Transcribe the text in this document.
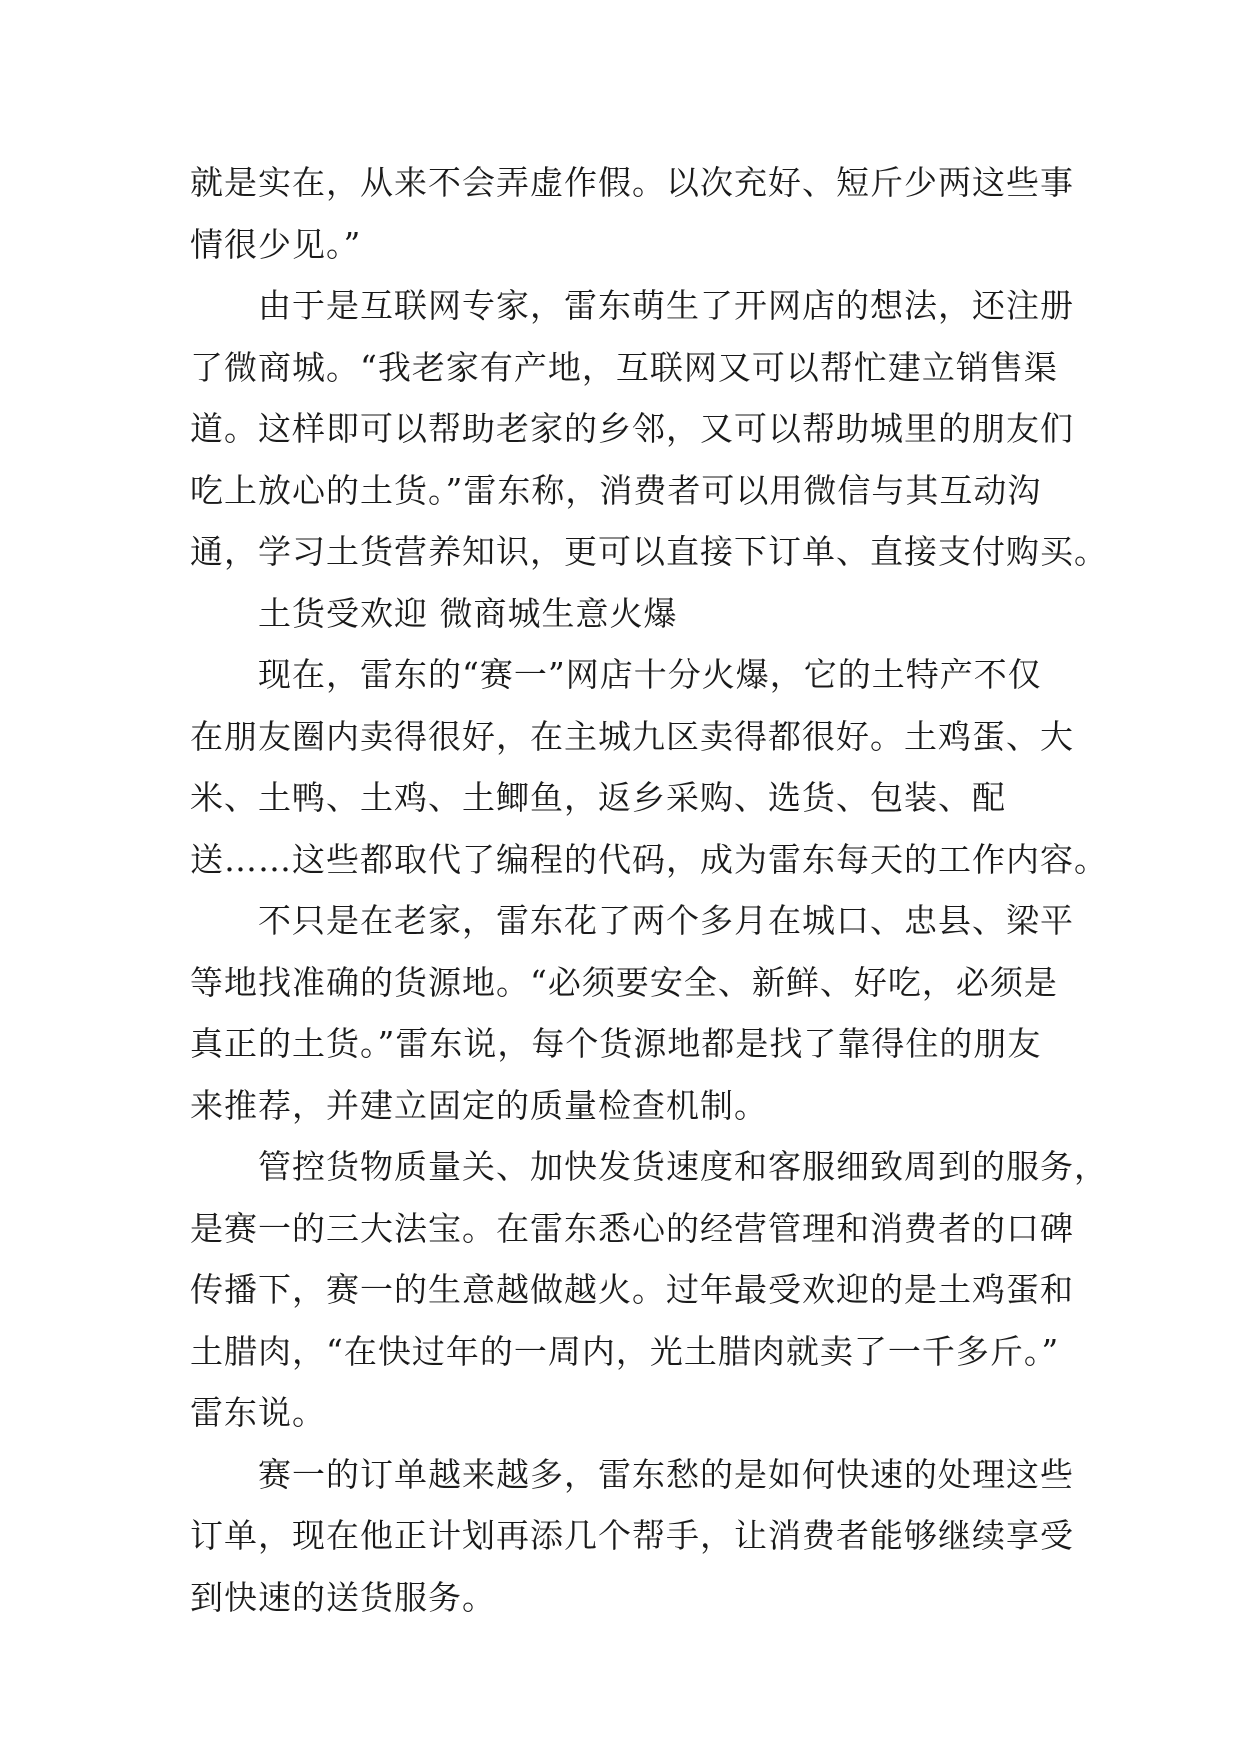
就是实在，从来不会弄虚作假。以次充好、短斤少两这些事
情很少见。”
　　由于是互联网专家，雷东萌生了开网店的想法，还注册
了微商城。“我老家有产地，互联网又可以帮忙建立销售渠
道。这样即可以帮助老家的乡邻，又可以帮助城里的朋友们
吃上放心的土货。”雷东称，消费者可以用微信与其互动沟
通，学习土货营养知识，更可以直接下订单、直接支付购买。
　　土货受欢迎 微商城生意火爆
　　现在，雷东的“赛一”网店十分火爆，它的土特产不仅
在朋友圈内卖得很好，在主城九区卖得都很好。土鸡蛋、大
米、土鸭、土鸡、土鲫鱼，返乡采购、选货、包装、配
送……这些都取代了编程的代码，成为雷东每天的工作内容。
　　不只是在老家，雷东花了两个多月在城口、忠县、梁平
等地找准确的货源地。“必须要安全、新鲜、好吃，必须是
真正的土货。”雷东说，每个货源地都是找了靠得住的朋友
来推荐，并建立固定的质量检查机制。
　　管控货物质量关、加快发货速度和客服细致周到的服务，
是赛一的三大法宝。在雷东悉心的经营管理和消费者的口碑
传播下，赛一的生意越做越火。过年最受欢迎的是土鸡蛋和
土腊肉，“在快过年的一周内，光土腊肉就卖了一千多斤。”
雷东说。
　　赛一的订单越来越多，雷东愁的是如何快速的处理这些
订单，现在他正计划再添几个帮手，让消费者能够继续享受
到快速的送货服务。
